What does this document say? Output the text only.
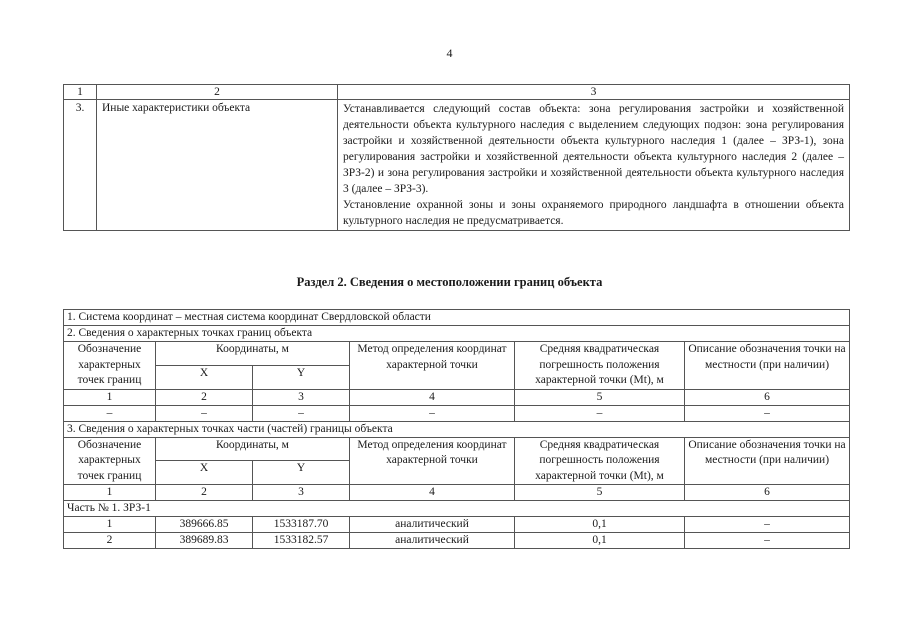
4
1	2	3
3.	Иные характеристики объекта	Устанавливается следующий состав объекта: зона регулирования застройки и хозяйственной деятельности объекта культурного наследия с выделением следующих подзон: зона регулирования застройки и хозяйственной деятельности объекта культурного наследия 1 (далее – ЗРЗ-1), зона регулирования застройки и хозяйственной деятельности объекта культурного наследия 2 (далее – ЗРЗ-2) и зона регулирования застройки и хозяйственной деятельности объекта культурного наследия 3 (далее – ЗРЗ-3).
Установление охранной зоны и зоны охраняемого природного ландшафта в отношении объекта культурного наследия не предусматривается.
Раздел 2. Сведения о местоположении границ объекта
1. Система координат – местная система координат Свердловской области					
2. Сведения о характерных точках границ объекта					
Обозначение характерных точек границ	Координаты, м		Метод определения координат характерной точки	Средняя квадратическая погрешность положения характерной точки (Mt), м	Описание обозначения точки на местности (при наличии)
	X	Y			
1	2	3	4	5	6
–	–	–	–	–	–
3. Сведения о характерных точках части (частей) границы объекта					
Обозначение характерных точек границ	Координаты, м		Метод определения координат характерной точки	Средняя квадратическая погрешность положения характерной точки (Mt), м	Описание обозначения точки на местности (при наличии)
	X	Y			
1	2	3	4	5	6
Часть № 1. ЗРЗ-1					
1	389666.85	1533187.70	аналитический	0,1	–
2	389689.83	1533182.57	аналитический	0,1	–
